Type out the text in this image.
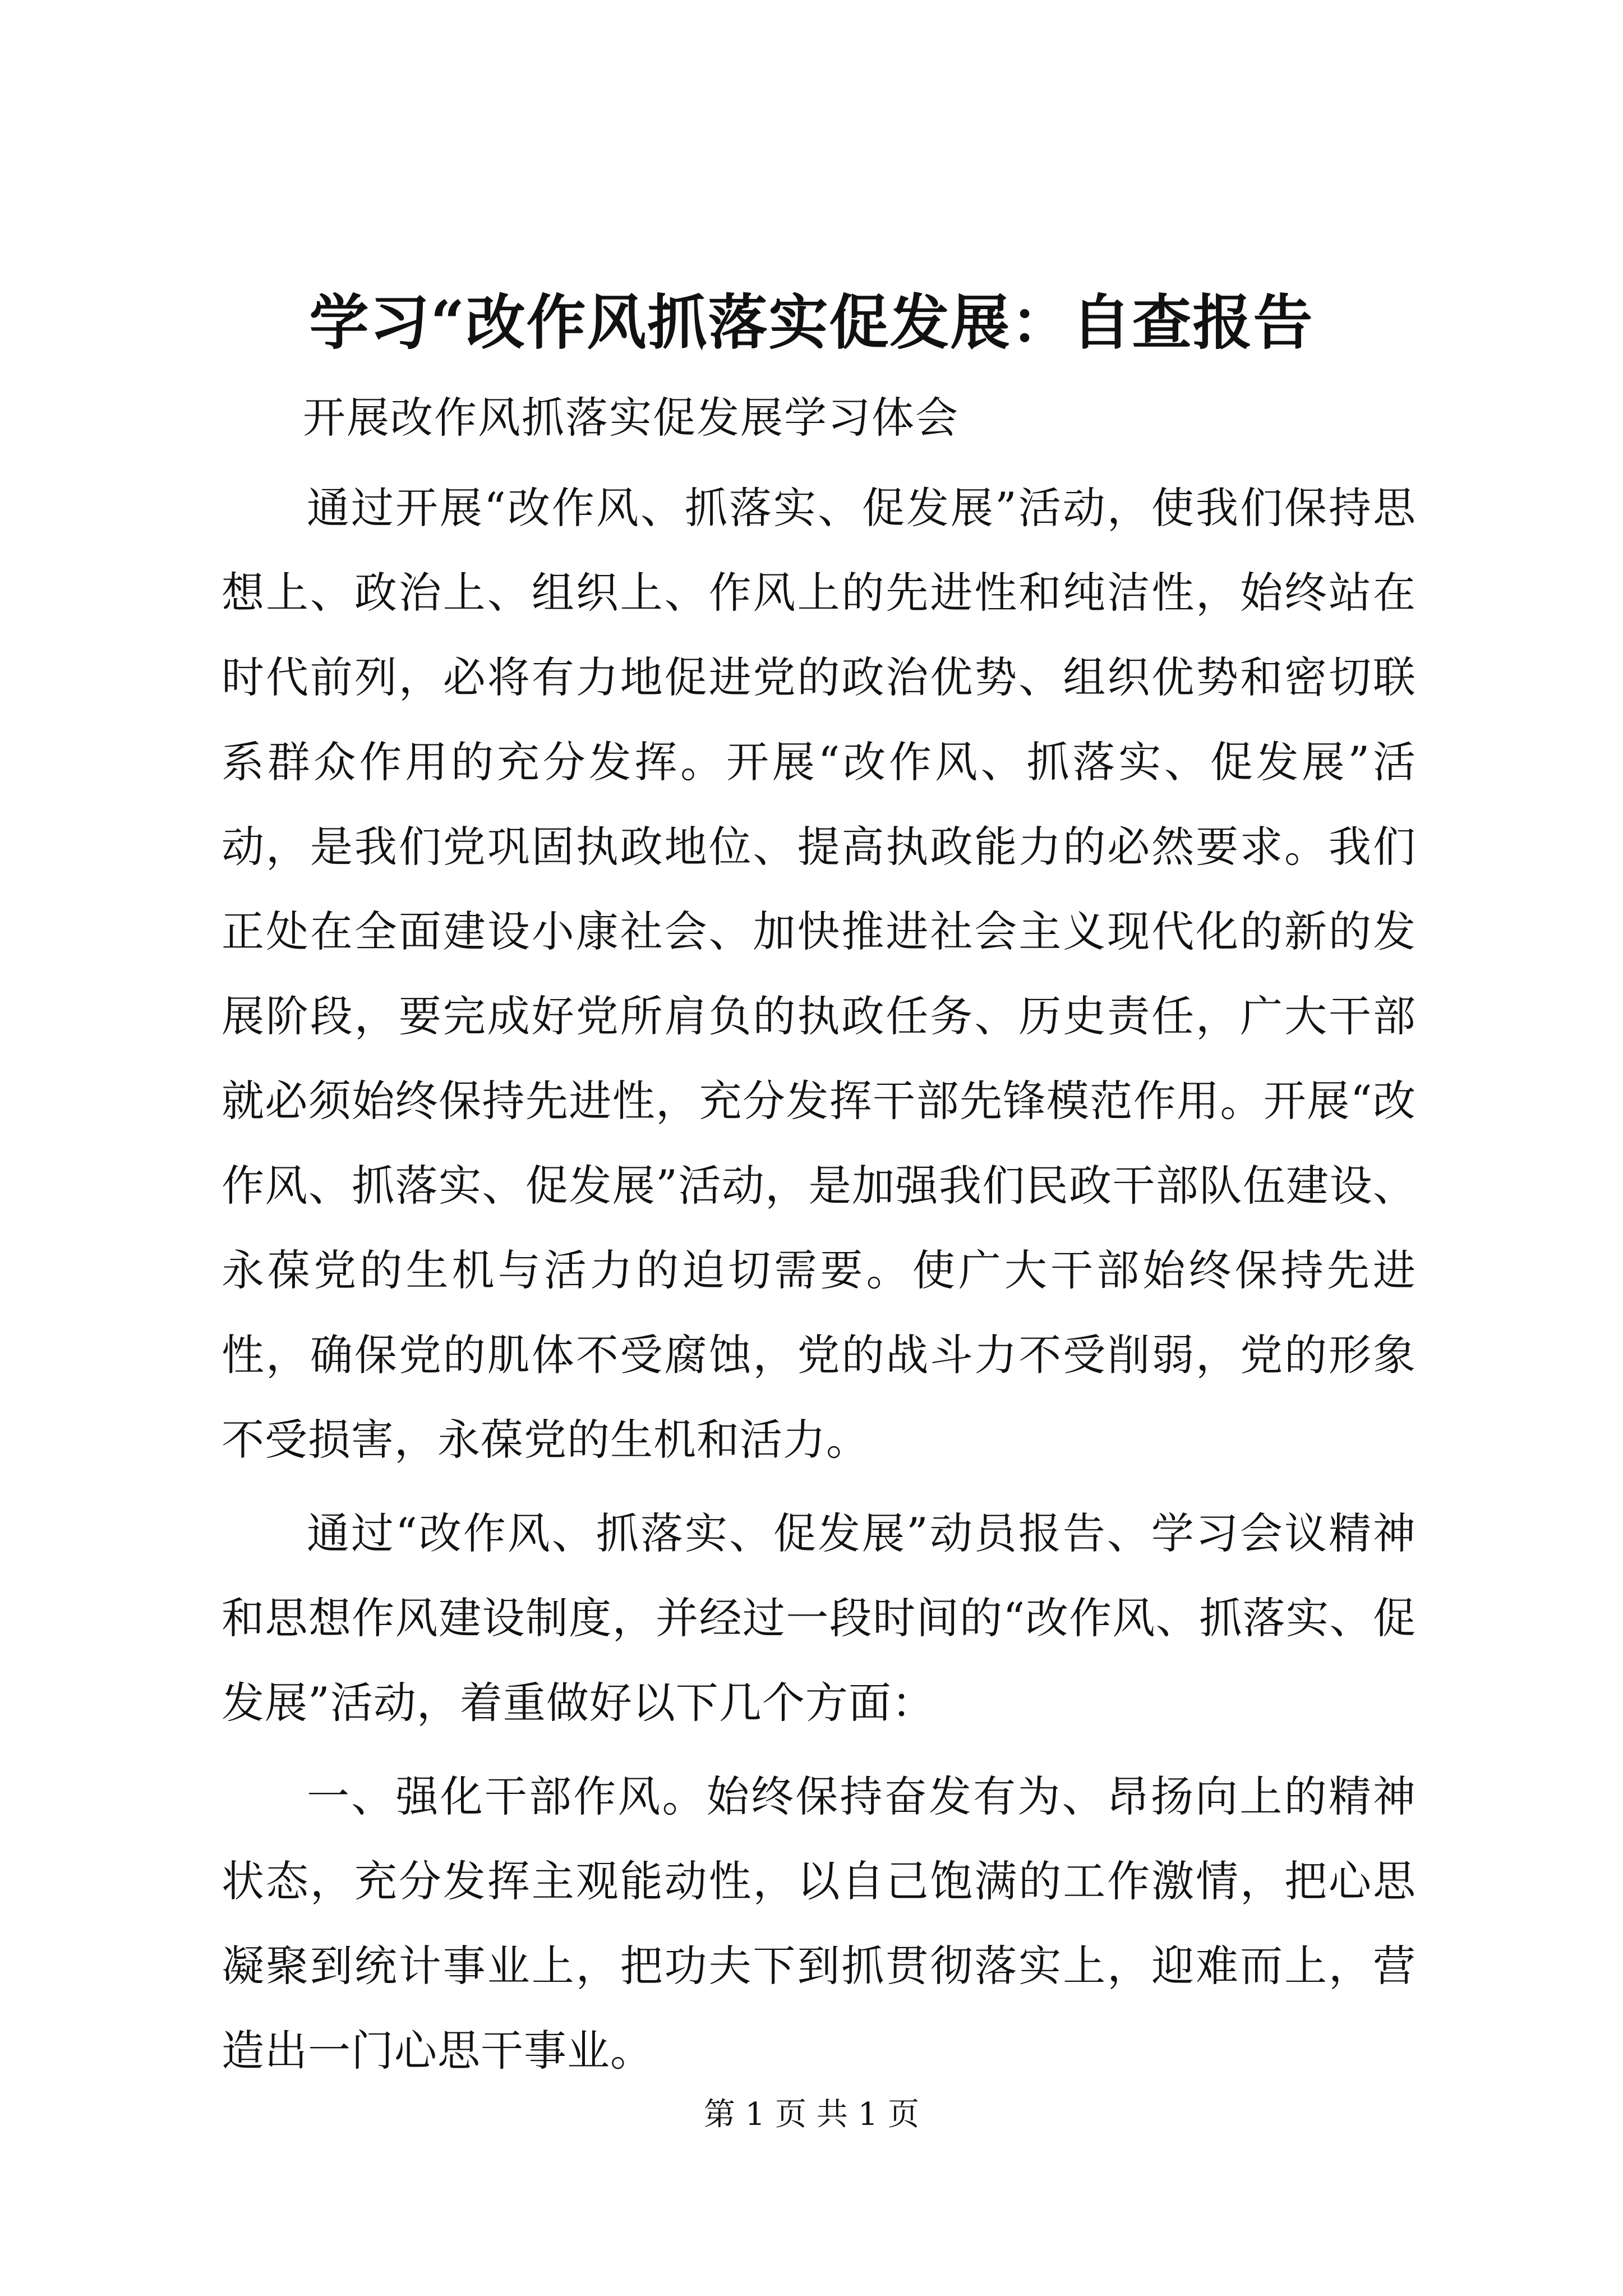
学习“改作风抓落实促发展：自查报告

开展改作风抓落实促发展学习体会

通过开展“改作风、抓落实、促发展”活动，使我们保持思想上、政治上、组织上、作风上的先进性和纯洁性，始终站在时代前列，必将有力地促进党的政治优势、组织优势和密切联系群众作用的充分发挥。开展“改作风、抓落实、促发展”活动，是我们党巩固执政地位、提高执政能力的必然要求。我们正处在全面建设小康社会、加快推进社会主义现代化的新的发展阶段，要完成好党所肩负的执政任务、历史责任，广大干部就必须始终保持先进性，充分发挥干部先锋模范作用。开展“改作风、抓落实、促发展”活动，是加强我们民政干部队伍建设、永葆党的生机与活力的迫切需要。使广大干部始终保持先进性，确保党的肌体不受腐蚀，党的战斗力不受削弱，党的形象不受损害，永葆党的生机和活力。

通过“改作风、抓落实、促发展”动员报告、学习会议精神和思想作风建设制度，并经过一段时间的“改作风、抓落实、促发展”活动，着重做好以下几个方面：

一、强化干部作风。始终保持奋发有为、昂扬向上的精神状态，充分发挥主观能动性，以自己饱满的工作激情，把心思凝聚到统计事业上，把功夫下到抓贯彻落实上，迎难而上，营造出一门心思干事业。

第 1 页 共 1 页
